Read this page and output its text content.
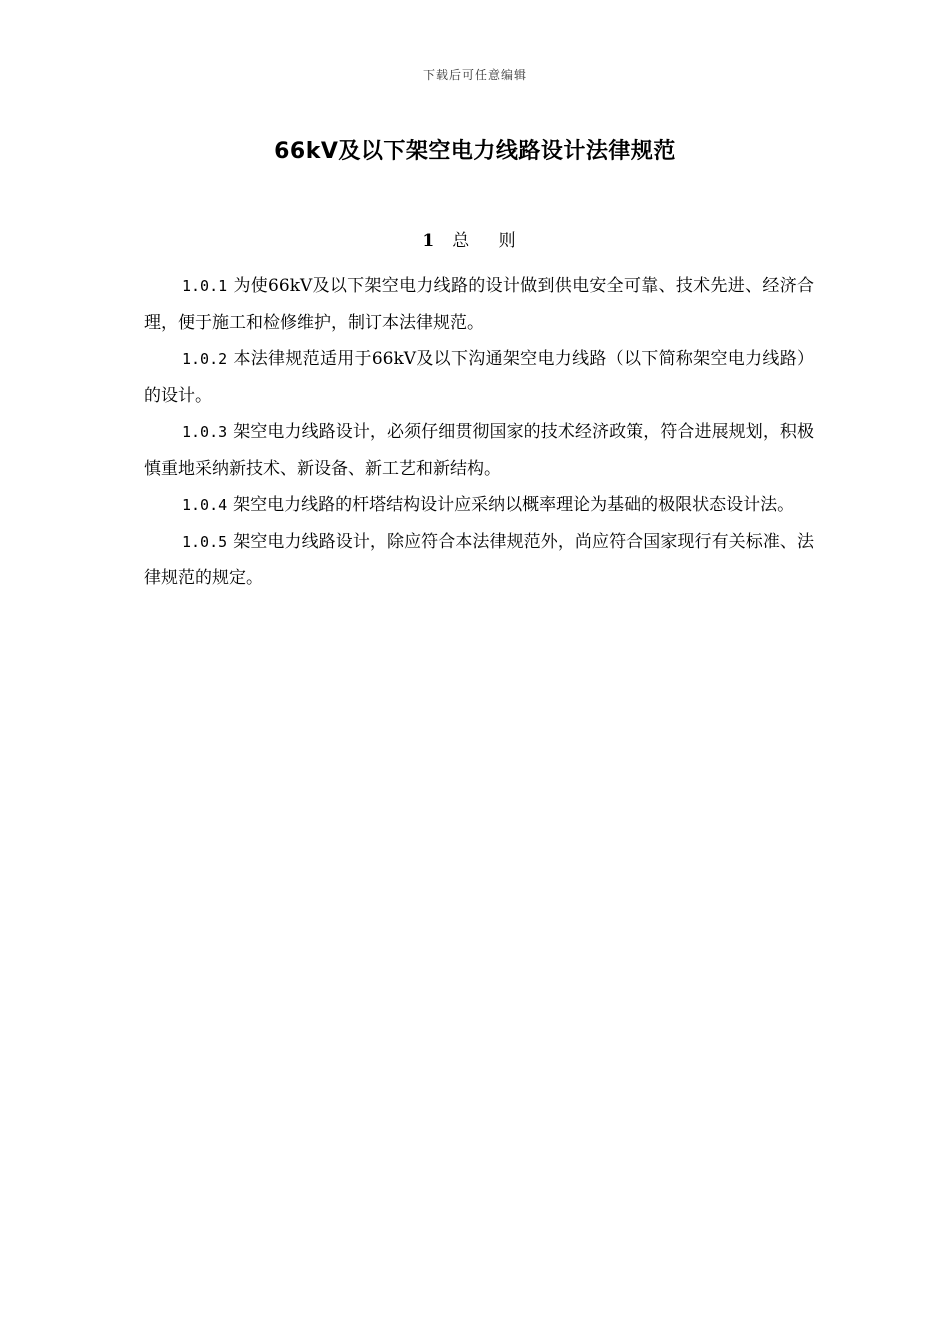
下载后可任意编辑
66kV及以下架空电力线路设计法律规范
1 总 则

1.0.1 为使66kV及以下架空电力线路的设计做到供电安全可靠、技术先进、经济合理，便于施工和检修维护，制订本法律规范。

1.0.2 本法律规范适用于66kV及以下沟通架空电力线路（以下简称架空电力线路）的设计。

1.0.3 架空电力线路设计，必须仔细贯彻国家的技术经济政策，符合进展规划，积极慎重地采纳新技术、新设备、新工艺和新结构。

1.0.4 架空电力线路的杆塔结构设计应采纳以概率理论为基础的极限状态设计法。

1.0.5 架空电力线路设计，除应符合本法律规范外，尚应符合国家现行有关标准、法律规范的规定。
